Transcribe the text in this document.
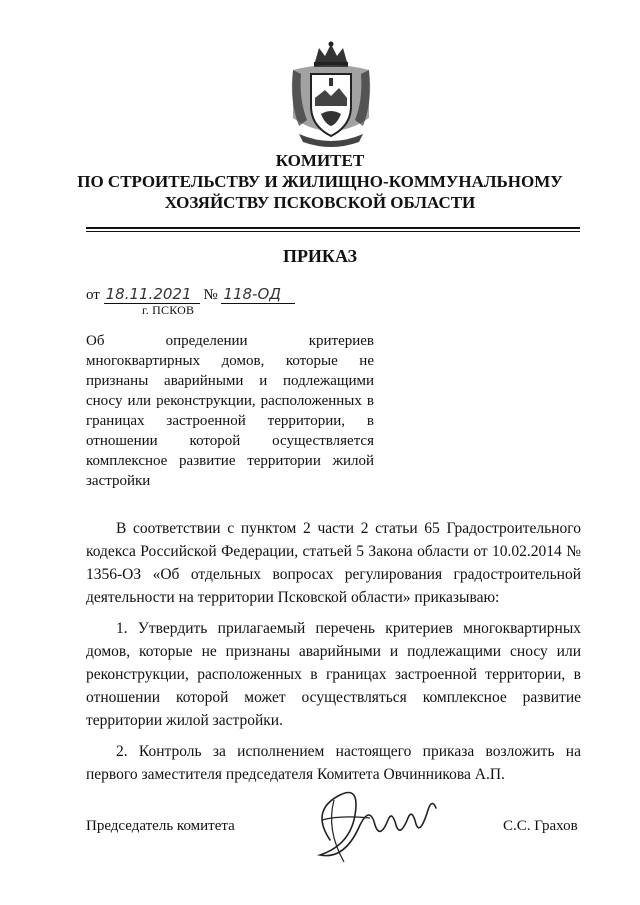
КОМИТЕТ
ПО СТРОИТЕЛЬСТВУ И ЖИЛИЩНО-КОММУНАЛЬНОМУ
ХОЗЯЙСТВУ ПСКОВСКОЙ ОБЛАСТИ
ПРИКАЗ
от 18.11.2021 № 118-ОД
г. ПСКОВ
Об определении критериев многоквартирных домов, которые не признаны аварийными и подлежащими сносу или реконструкции, расположенных в границах застроенной территории, в отношении которой осуществляется комплексное развитие территории жилой застройки

В соответствии с пунктом 2 части 2 статьи 65 Градостроительного кодекса Российской Федерации, статьей 5 Закона области от 10.02.2014 № 1356-ОЗ «Об отдельных вопросах регулирования градостроительной деятельности на территории Псковской области» приказываю:

1. Утвердить прилагаемый перечень критериев многоквартирных домов, которые не признаны аварийными и подлежащими сносу или реконструкции, расположенных в границах застроенной территории, в отношении которой может осуществляться комплексное развитие территории жилой застройки.

2. Контроль за исполнением настоящего приказа возложить на первого заместителя председателя Комитета Овчинникова А.П.

Председатель комитета	С.С. Грахов
